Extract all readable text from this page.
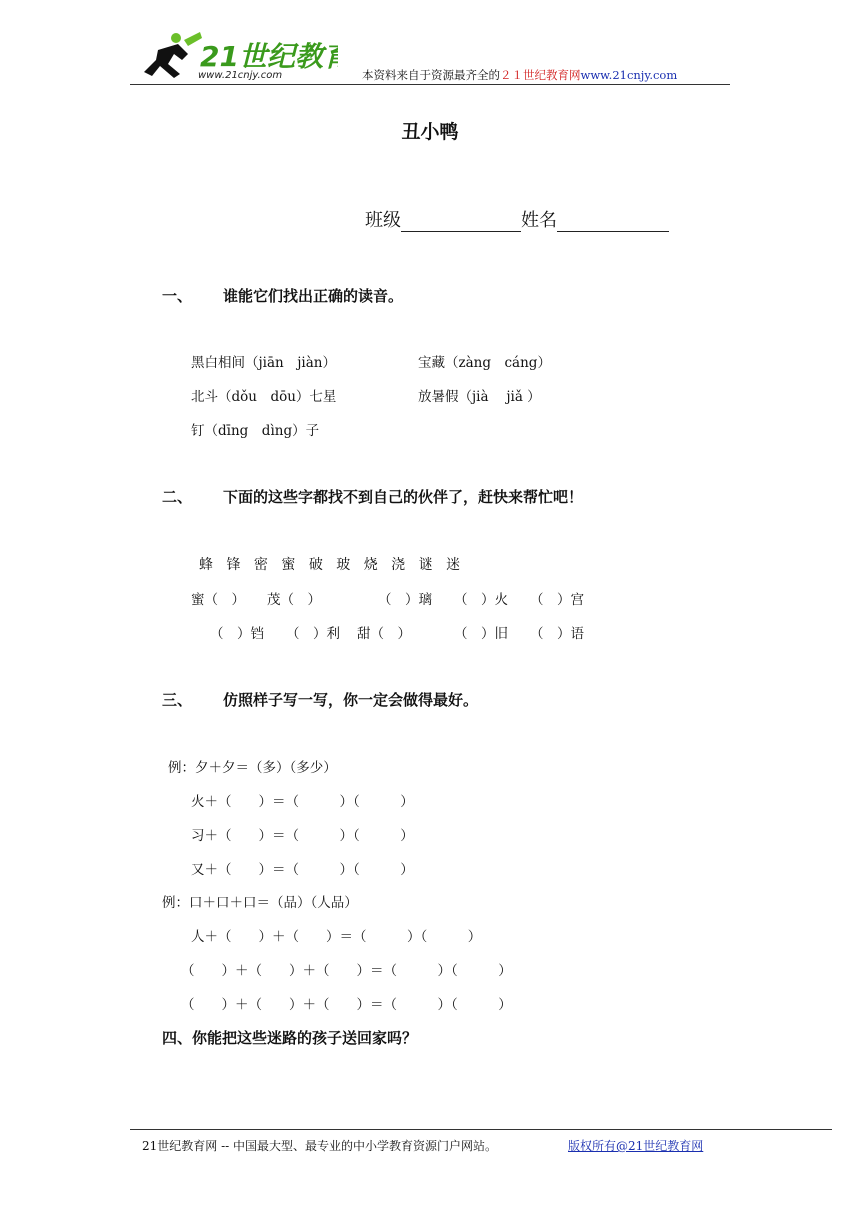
21世纪教育
www.21cnjy.com	本资料来自于资源最齐全的２１世纪教育网www.21cnjy.com
丑小鸭
班级	姓名
一、 谁能它们找出正确的读音。
黑白相间（jiān　jiàn）	宝藏（zàng　cáng）
北斗（dǒu　dōu）七星	放暑假（jià　 jiǎ ）
钉（dīng　dìng）子
二、 下面的这些字都找不到自己的伙伴了，赶快来帮忙吧！
蜂 锋 密 蜜 破 玻 烧 浇 谜 迷
蜜（　） 茂（　）	（　）璃 （　）火 （　）宫
（　）铛 （　）利 甜（　）	（　）旧 （　）语
三、 仿照样子写一写，你一定会做得最好。
例：夕＋夕＝（多）（多少）
火＋（　　）＝（　　　）（　　　）
习＋（　　）＝（　　　）（　　　）
又＋（　　）＝（　　　）（　　　）
例：口＋口＋口＝（品）（人品）
人＋（　　）＋（　　）＝（　　　）（　　　）
（　　）＋（　　）＋（　　）＝（　　　）（　　　）
（　　）＋（　　）＋（　　）＝（　　　）（　　　）
四、你能把这些迷路的孩子送回家吗？
21世纪教育网 -- 中国最大型、最专业的中小学教育资源门户网站。	版权所有@21世纪教育网
